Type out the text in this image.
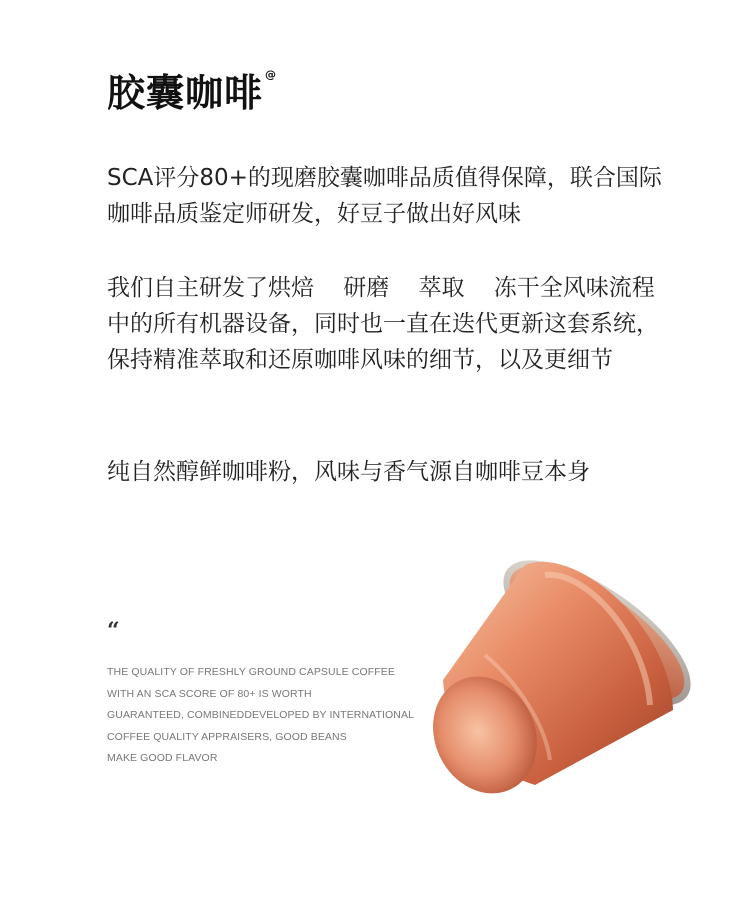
胶囊咖啡 @
SCA评分80+的现磨胶囊咖啡品质值得保障，联合国际咖啡品质鉴定师研发，好豆子做出好风味
我们自主研发了烘焙 研磨 萃取 冻干全风味流程中的所有机器设备，同时也一直在迭代更新这套系统，保持精准萃取和还原咖啡风味的细节，以及更细节
纯自然醇鲜咖啡粉，风味与香气源自咖啡豆本身
“
THE QUALITY OF FRESHLY GROUND CAPSULE COFFEE
WITH AN SCA SCORE OF 80+ IS WORTH
GUARANTEED, COMBINEDDEVELOPED BY INTERNATIONAL
COFFEE QUALITY APPRAISERS, GOOD BEANS
MAKE GOOD FLAVOR
